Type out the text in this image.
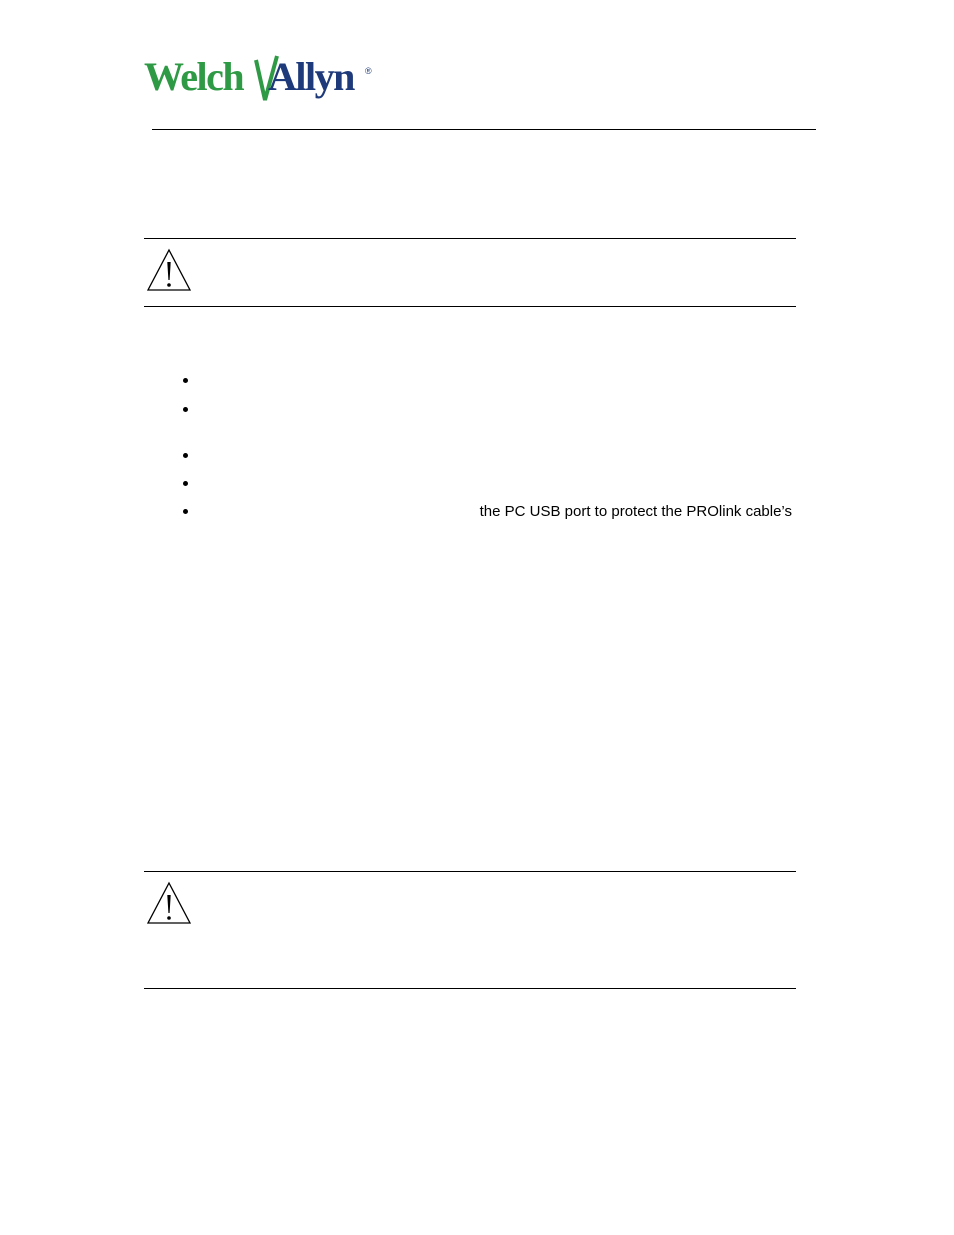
Welch Allyn ®
the PC USB port to protect the PROlink cable’s
